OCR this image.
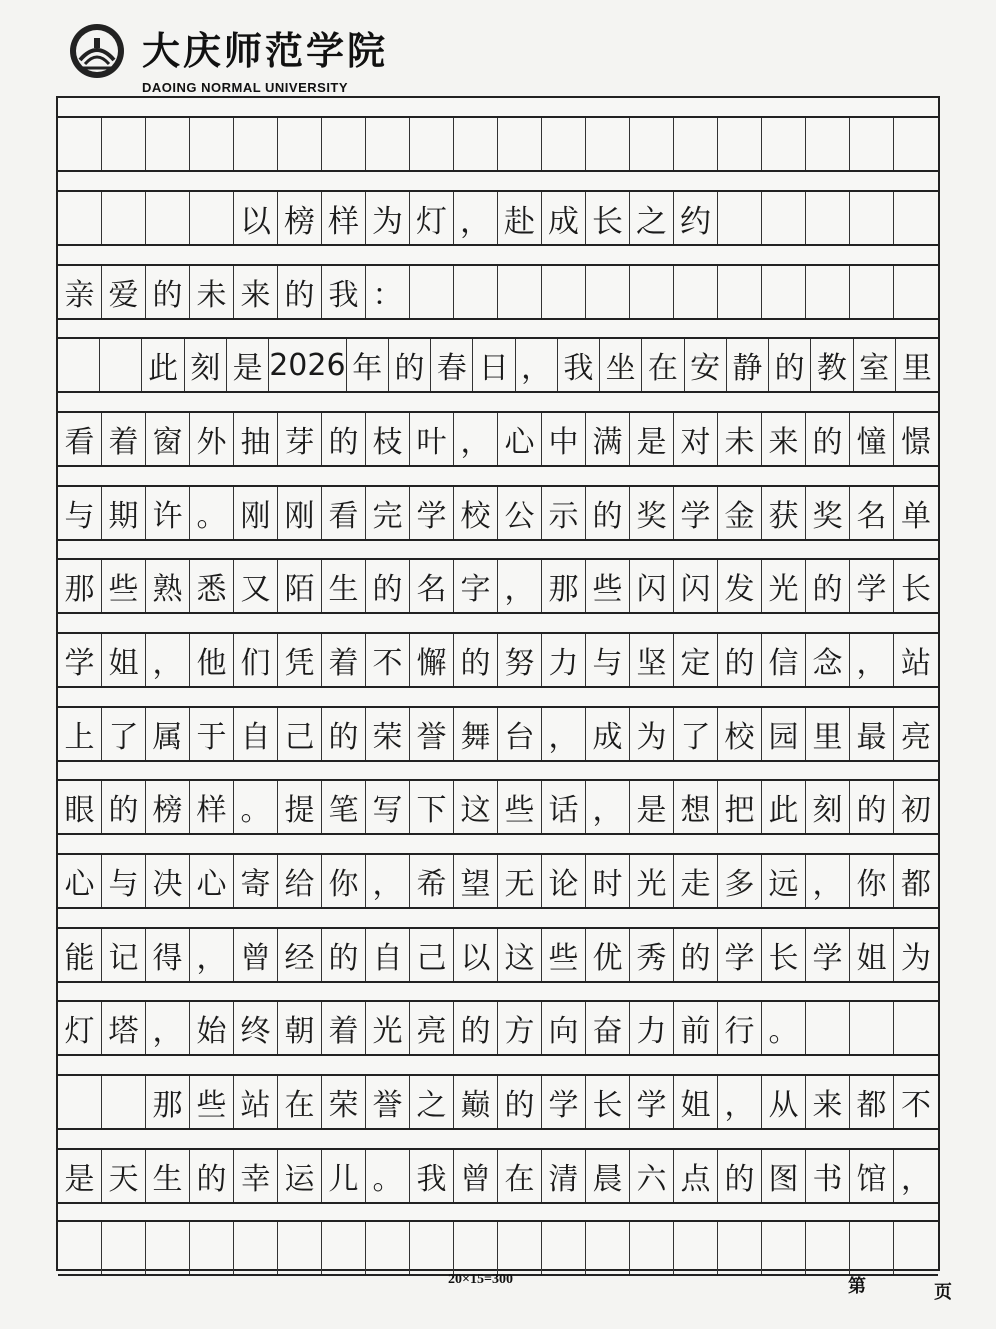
大庆师范学院
DAOING NORMAL UNIVERSITY
以 榜 样 为 灯 ， 赴 成 长 之 约
亲 爱 的 未 来 的 我 ：
此 刻 是 2026 年 的 春 日 ， 我 坐 在 安 静 的 教 室 里
看 着 窗 外 抽 芽 的 枝 叶 ， 心 中 满 是 对 未 来 的 憧 憬
与 期 许 。 刚 刚 看 完 学 校 公 示 的 奖 学 金 获 奖 名 单
那 些 熟 悉 又 陌 生 的 名 字 ， 那 些 闪 闪 发 光 的 学 长
学 姐 ， 他 们 凭 着 不 懈 的 努 力 与 坚 定 的 信 念 ， 站
上 了 属 于 自 己 的 荣 誉 舞 台 ， 成 为 了 校 园 里 最 亮
眼 的 榜 样 。 提 笔 写 下 这 些 话 ， 是 想 把 此 刻 的 初
心 与 决 心 寄 给 你 ， 希 望 无 论 时 光 走 多 远 ， 你 都
能 记 得 ， 曾 经 的 自 己 以 这 些 优 秀 的 学 长 学 姐 为
灯 塔 ， 始 终 朝 着 光 亮 的 方 向 奋 力 前 行 。
那 些 站 在 荣 誉 之 巅 的 学 长 学 姐 ， 从 来 都 不
是 天 生 的 幸 运 儿 。 我 曾 在 清 晨 六 点 的 图 书 馆 ，
20×15=300	第	页
